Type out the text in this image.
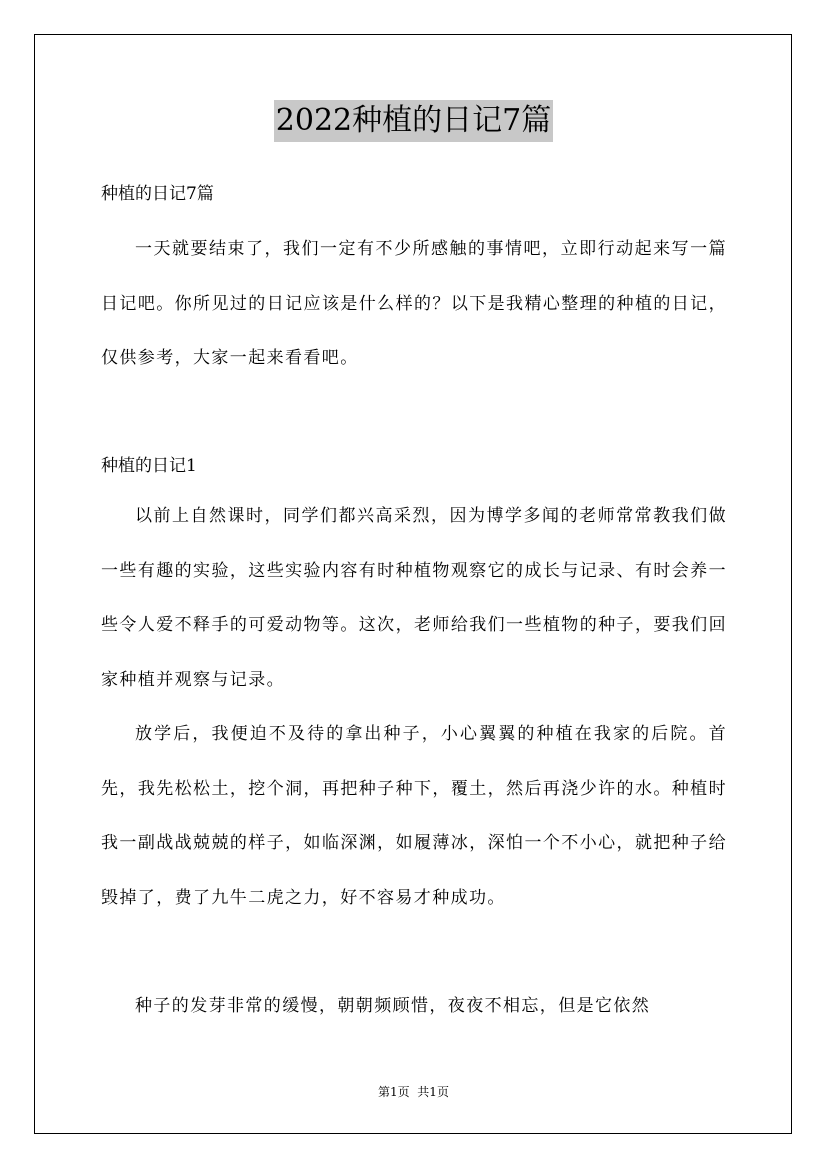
2022种植的日记7篇
种植的日记7篇

一天就要结束了，我们一定有不少所感触的事情吧，立即行动起来写一篇日记吧。你所见过的日记应该是什么样的？以下是我精心整理的种植的日记，仅供参考，大家一起来看看吧。

种植的日记1

以前上自然课时，同学们都兴高采烈，因为博学多闻的老师常常教我们做一些有趣的实验，这些实验内容有时种植物观察它的成长与记录、有时会养一些令人爱不释手的可爱动物等。这次，老师给我们一些植物的种子，要我们回家种植并观察与记录。

放学后，我便迫不及待的拿出种子，小心翼翼的种植在我家的后院。首先，我先松松土，挖个洞，再把种子种下，覆土，然后再浇少许的水。种植时我一副战战兢兢的样子，如临深渊，如履薄冰，深怕一个不小心，就把种子给毁掉了，费了九牛二虎之力，好不容易才种成功。

种子的发芽非常的缓慢，朝朝频顾惜，夜夜不相忘，但是它依然

第1页  共1页
